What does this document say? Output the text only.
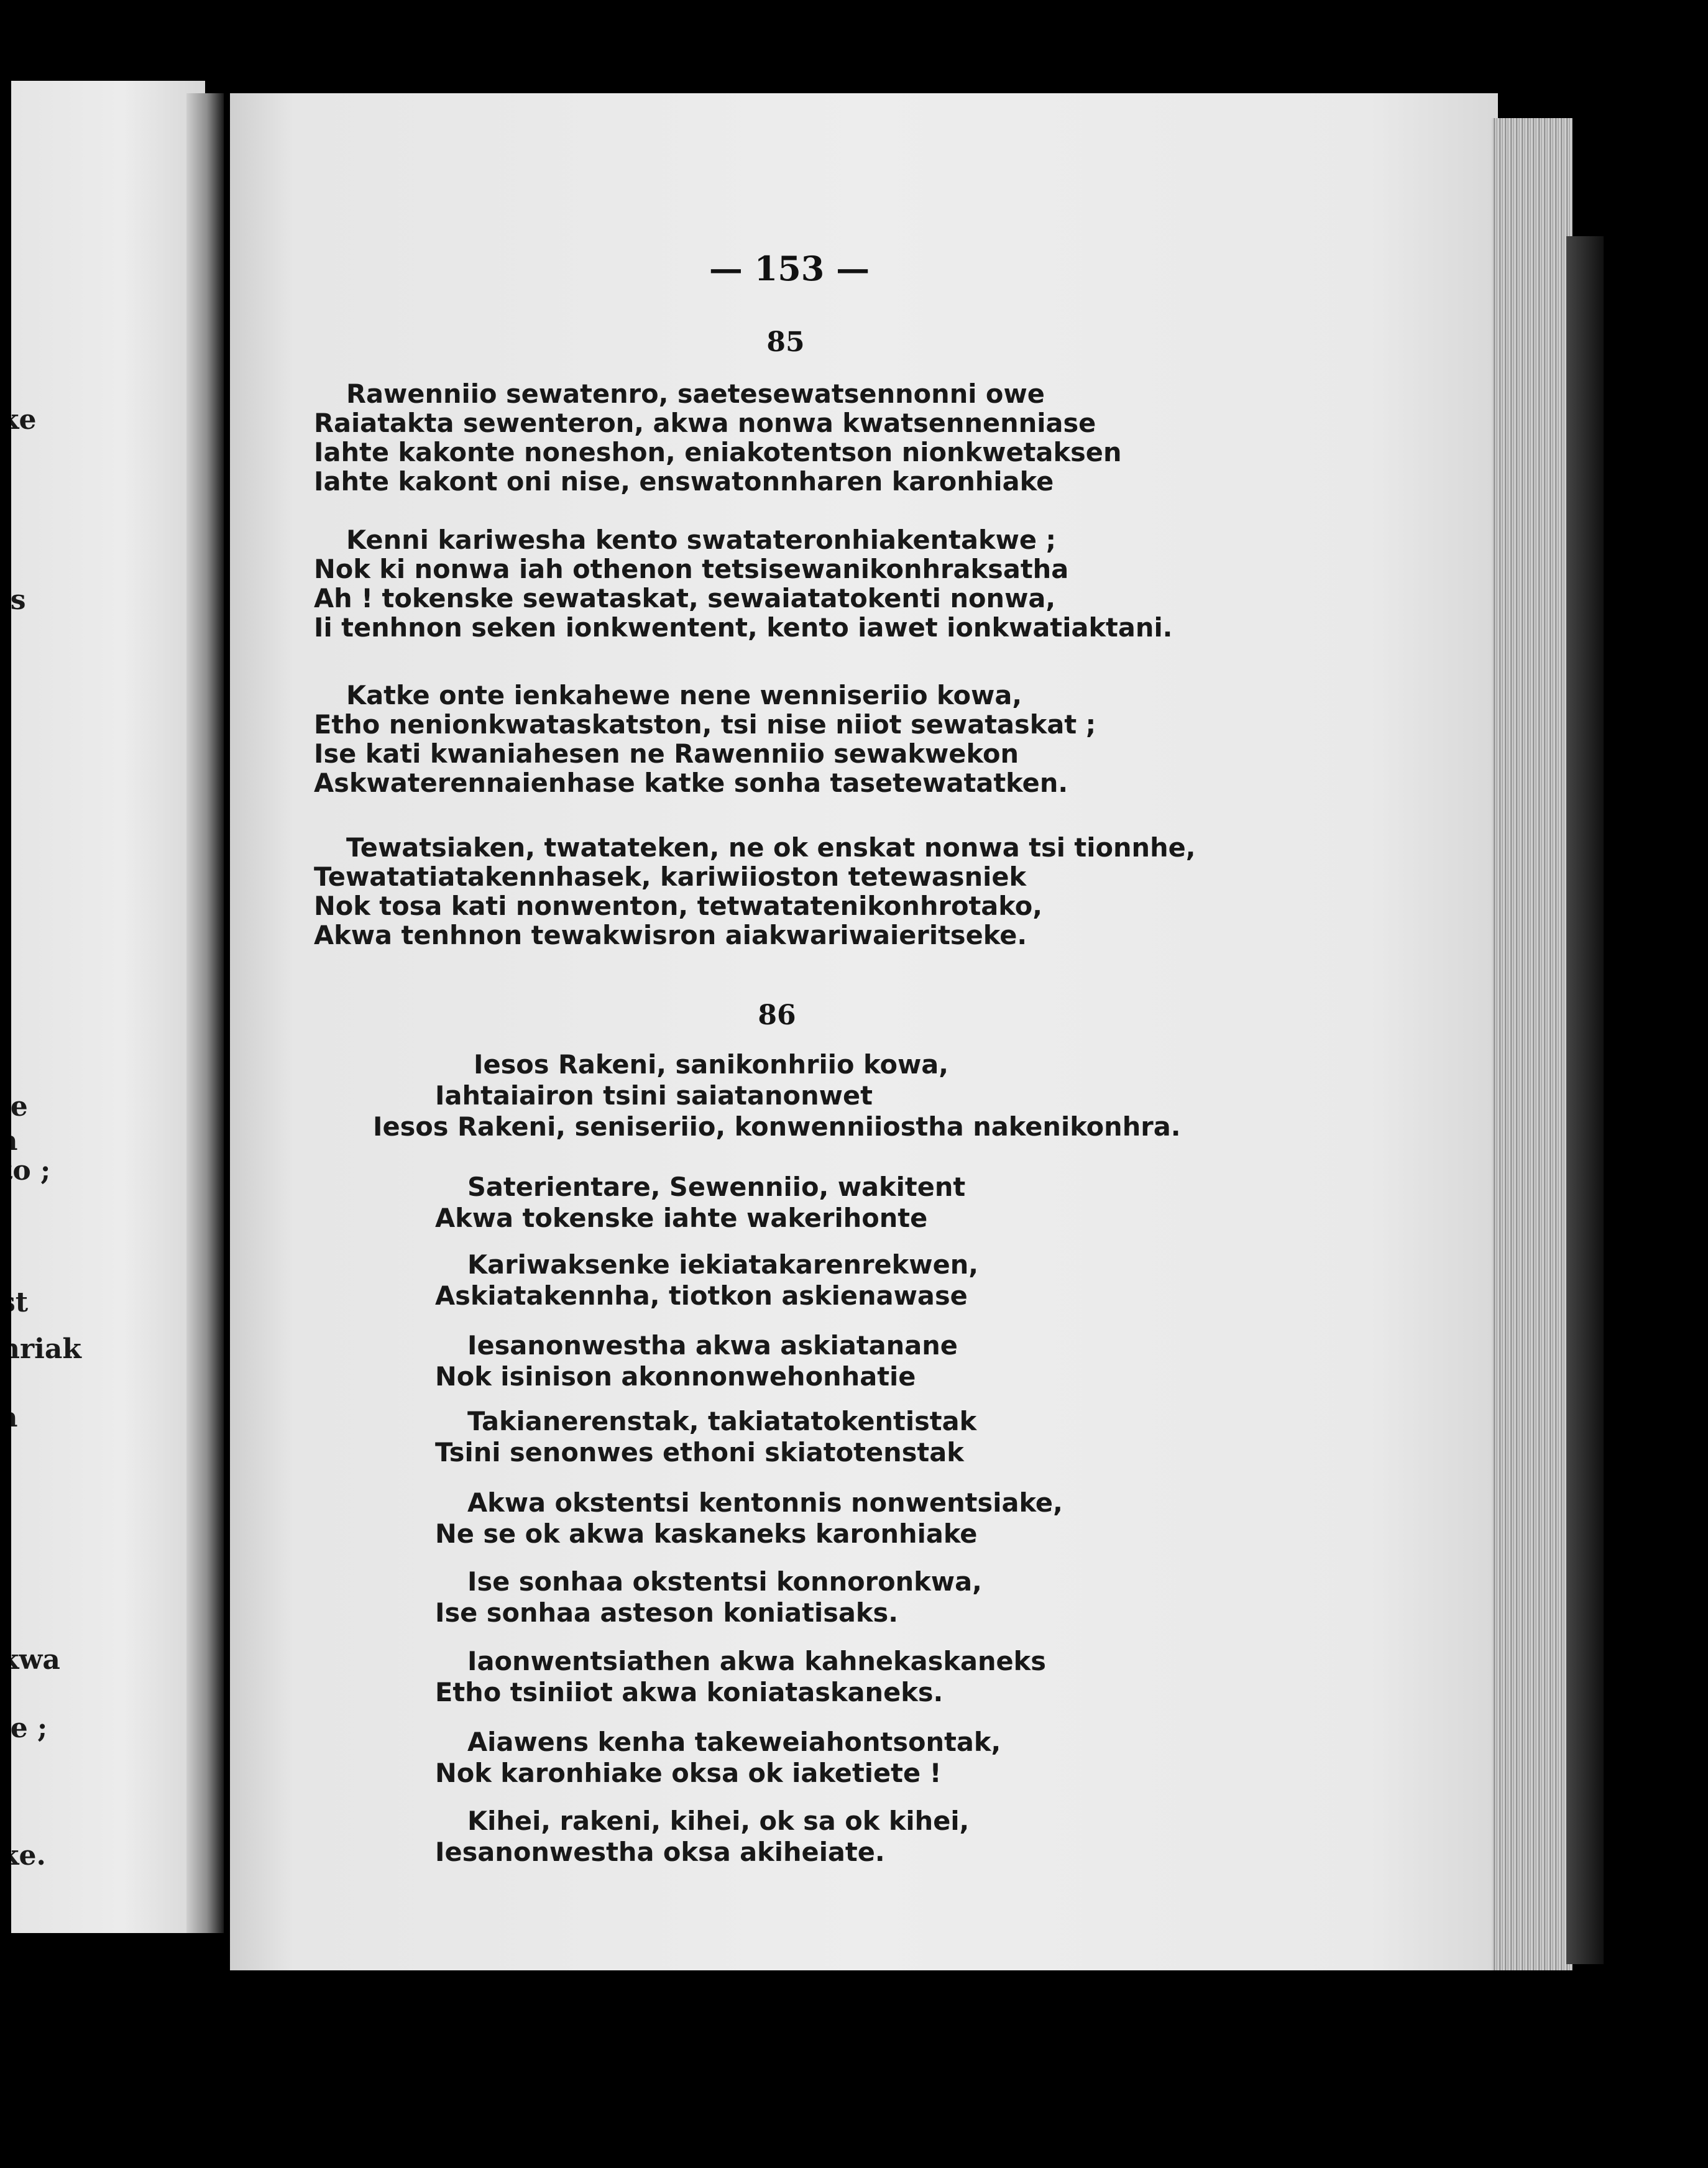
ke
is
ie
a
to ;
;
st
hriak
a
kwa
ie ;
ke.
— 153 —
85
Rawenniio sewatenro, saetesewatsennonni owe
Raiatakta sewenteron, akwa nonwa kwatsennenniase
Iahte kakonte noneshon, eniakotentson nionkwetaksen
Iahte kakont oni nise, enswatonnharen karonhiake
Kenni kariwesha kento swatateronhiakentakwe ;
Nok ki nonwa iah othenon tetsisewanikonhraksatha
Ah ! tokenske sewataskat, sewaiatatokenti nonwa,
Ii tenhnon seken ionkwentent, kento iawet ionkwatiaktani.
Katke onte ienkahewe nene wenniseriio kowa,
Etho nenionkwataskatston, tsi nise niiot sewataskat ;
Ise kati kwaniahesen ne Rawenniio sewakwekon
Askwaterennaienhase katke sonha tasetewatatken.
Tewatsiaken, twatateken, ne ok enskat nonwa tsi tionnhe,
Tewatatiatakennhasek, kariwiioston tetewasniek
Nok tosa kati nonwenton, tetwatatenikonhrotako,
Akwa tenhnon tewakwisron aiakwariwaieritseke.
86
Iesos Rakeni, sanikonhriio kowa,
Iahtaiairon tsini saiatanonwet
Iesos Rakeni, seniseriio, konwenniiostha nakenikonhra.
Saterientare, Sewenniio, wakitent
Akwa tokenske iahte wakerihonte
Kariwaksenke iekiatakarenrekwen,
Askiatakennha, tiotkon askienawase
Iesanonwestha akwa askiatanane
Nok isinison akonnonwehonhatie
Takianerenstak, takiatatokentistak
Tsini senonwes ethoni skiatotenstak
Akwa okstentsi kentonnis nonwentsiake,
Ne se ok akwa kaskaneks karonhiake
Ise sonhaa okstentsi konnoronkwa,
Ise sonhaa asteson koniatisaks.
Iaonwentsiathen akwa kahnekaskaneks
Etho tsiniiot akwa koniataskaneks.
Aiawens kenha takeweiahontsontak,
Nok karonhiake oksa ok iaketiete !
Kihei, rakeni, kihei, ok sa ok kihei,
Iesanonwestha oksa akiheiate.
